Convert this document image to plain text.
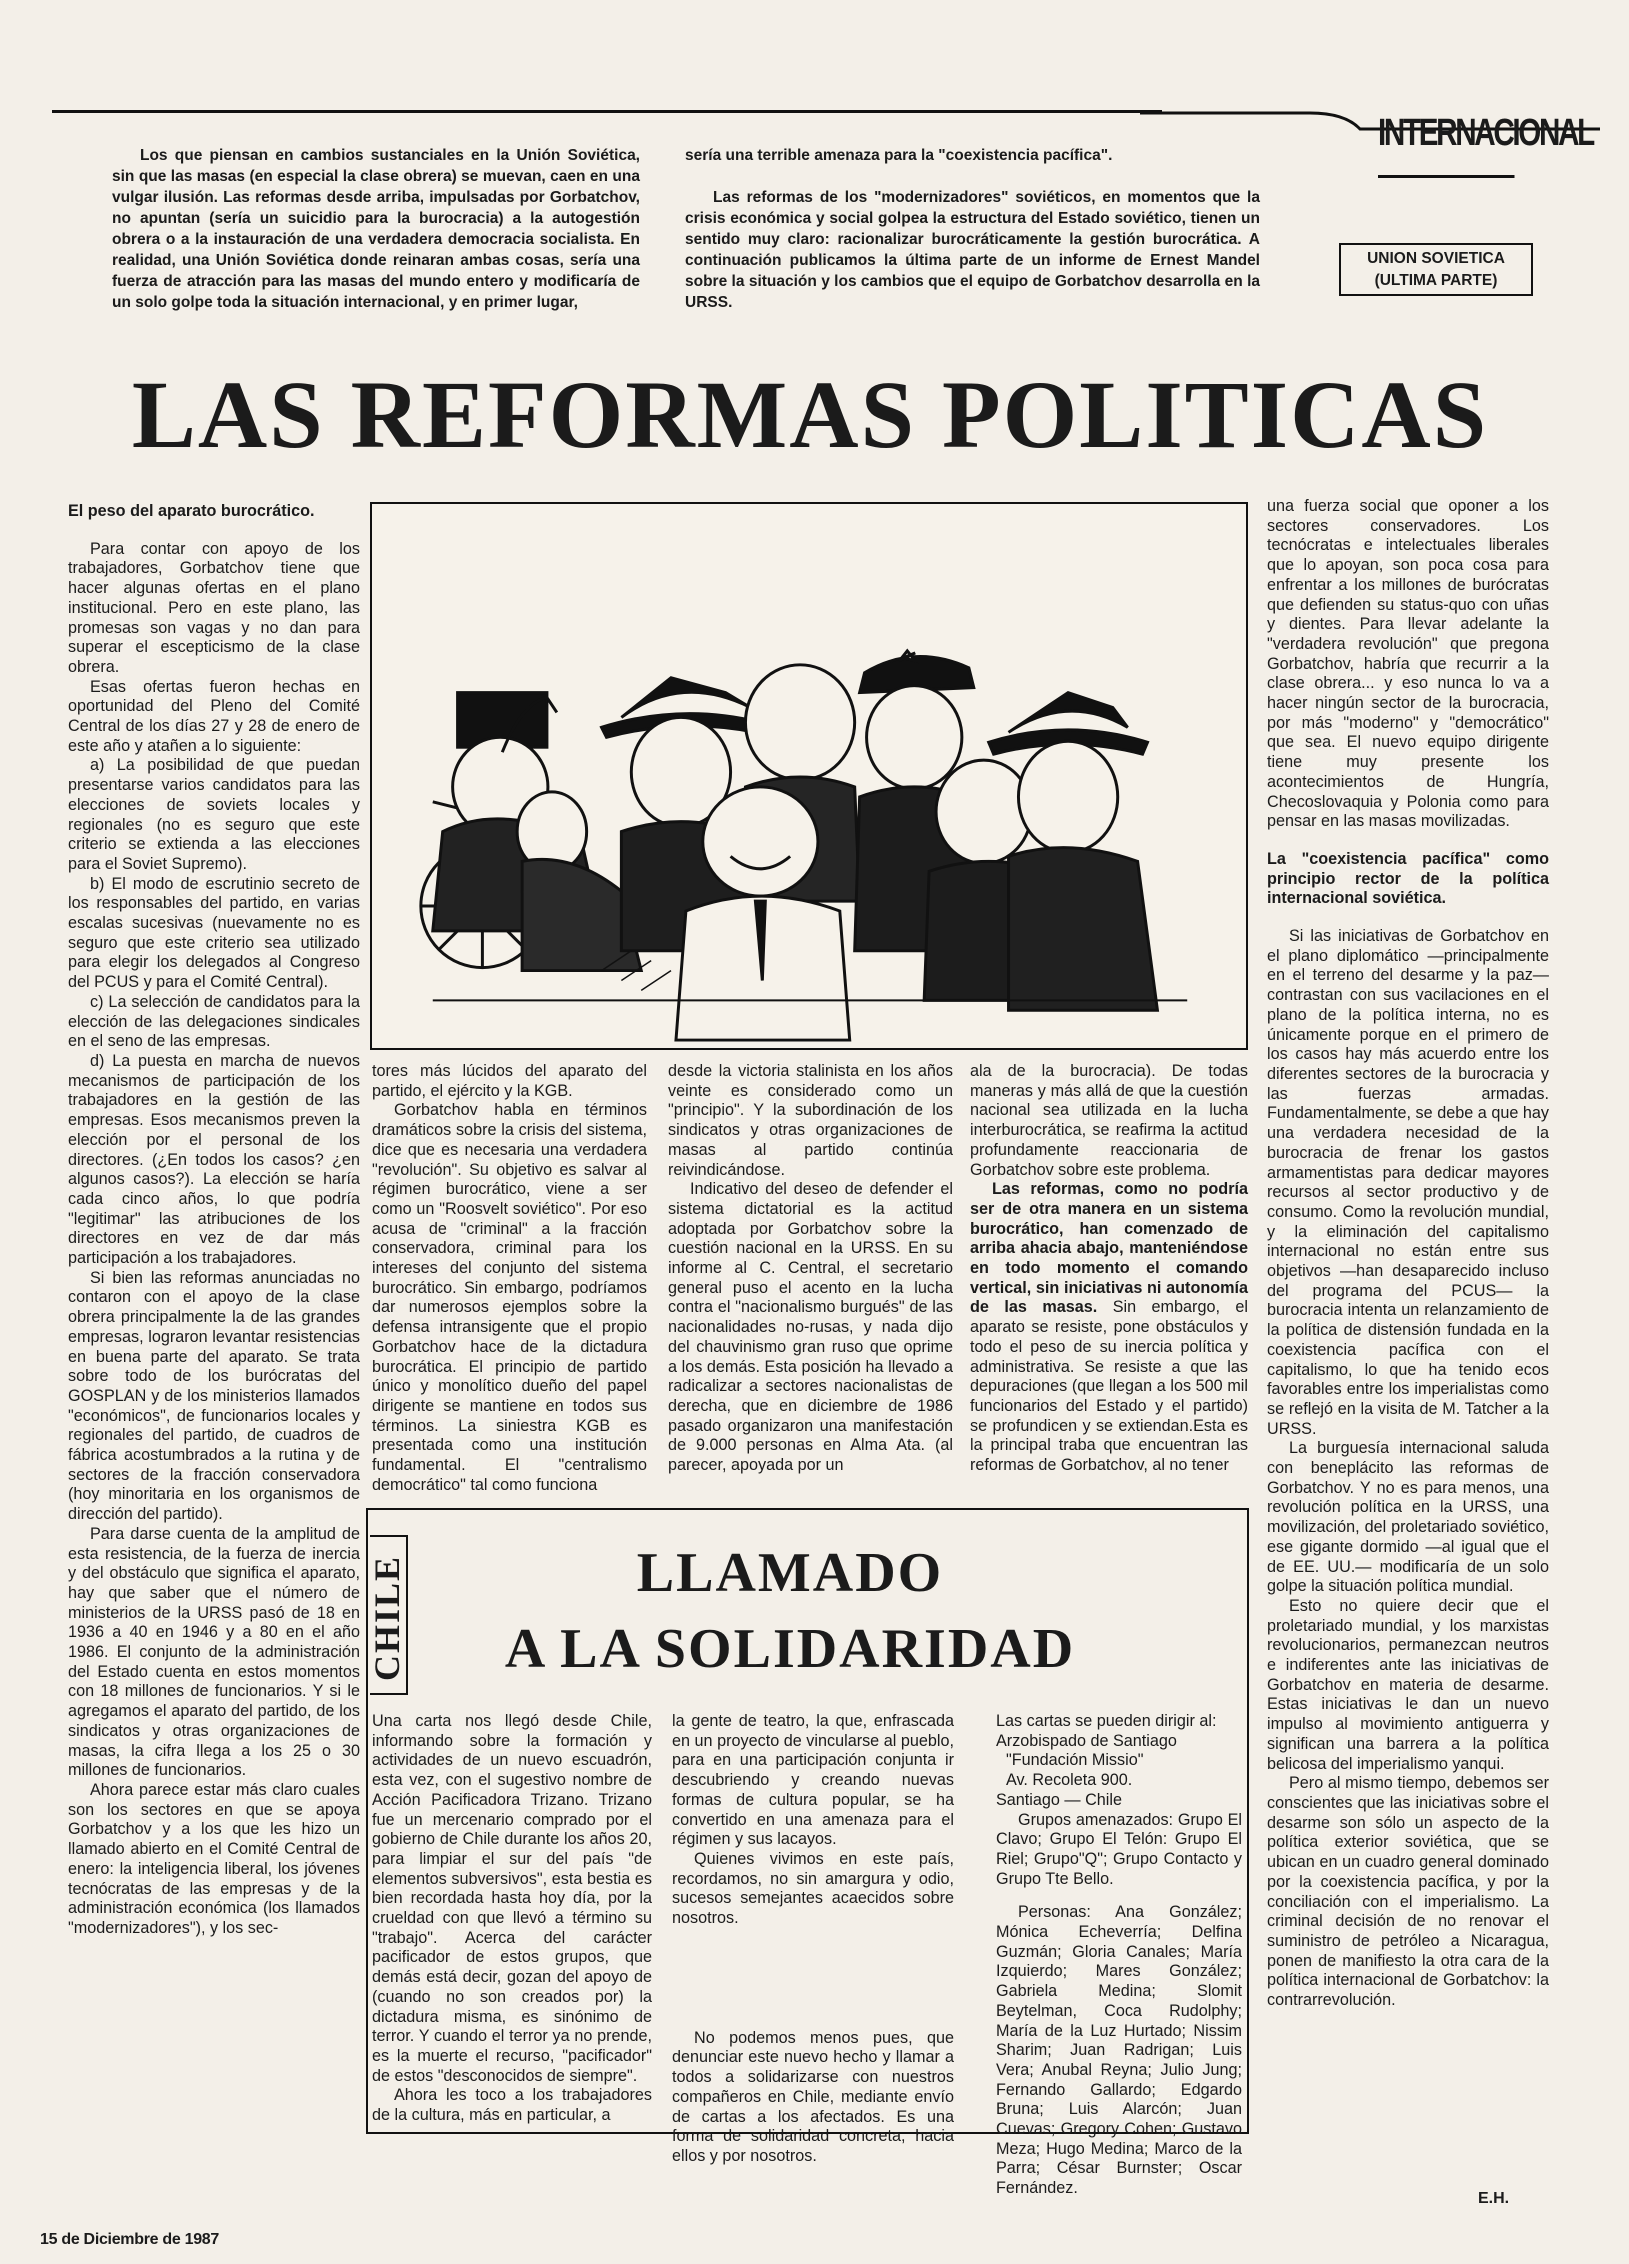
INTERNACIONAL
Los que piensan en cambios sustanciales en la Unión Soviética, sin que las masas (en especial la clase obrera) se muevan, caen en una vulgar ilusión. Las reformas desde arriba, impulsadas por Gorbatchov, no apuntan (sería un suicidio para la burocracia) a la autogestión obrera o a la instauración de una verdadera democracia socialista. En realidad, una Unión Soviética donde reinaran ambas cosas, sería una fuerza de atracción para las masas del mundo entero y modificaría de un solo golpe toda la situación internacional, y en primer lugar,

sería una terrible amenaza para la "coexistencia pacífica".

Las reformas de los "modernizadores" soviéticos, en momentos que la crisis económica y social golpea la estructura del Estado soviético, tienen un sentido muy claro: racionalizar burocráticamente la gestión burocrática. A continuación publicamos la última parte de un informe de Ernest Mandel sobre la situación y los cambios que el equipo de Gorbatchov desarrolla en la URSS.

UNION SOVIETICA
(ULTIMA PARTE)
LAS REFORMAS POLITICAS

El peso del aparato burocrático.

Para contar con apoyo de los trabajadores, Gorbatchov tiene que hacer algunas ofertas en el plano institucional. Pero en este plano, las promesas son vagas y no dan para superar el escepticismo de la clase obrera.

Esas ofertas fueron hechas en oportunidad del Pleno del Comité Central de los días 27 y 28 de enero de este año y atañen a lo siguiente:

a) La posibilidad de que puedan presentarse varios candidatos para las elecciones de soviets locales y regionales (no es seguro que este criterio se extienda a las elecciones para el Soviet Supremo).

b) El modo de escrutinio secreto de los responsables del partido, en varias escalas sucesivas (nuevamente no es seguro que este criterio sea utilizado para elegir los delegados al Congreso del PCUS y para el Comité Central).

c) La selección de candidatos para la elección de las delegaciones sindicales en el seno de las empresas.

d) La puesta en marcha de nuevos mecanismos de participación de los trabajadores en la gestión de las empresas. Esos mecanismos preven la elección por el personal de los directores. (¿En todos los casos? ¿en algunos casos?). La elección se haría cada cinco años, lo que podría "legitimar" las atribuciones de los directores en vez de dar más participación a los trabajadores.

Si bien las reformas anunciadas no contaron con el apoyo de la clase obrera principalmente la de las grandes empresas, lograron levantar resistencias en buena parte del aparato. Se trata sobre todo de los burócratas del GOSPLAN y de los ministerios llamados "económicos", de funcionarios locales y regionales del partido, de cuadros de fábrica acostumbrados a la rutina y de sectores de la fracción conservadora (hoy minoritaria en los organismos de dirección del partido).

Para darse cuenta de la amplitud de esta resistencia, de la fuerza de inercia y del obstáculo que significa el aparato, hay que saber que el número de ministerios de la URSS pasó de 18 en 1936 a 40 en 1946 y a 80 en el año 1986. El conjunto de la administración del Estado cuenta en estos momentos con 18 millones de funcionarios. Y si le agregamos el aparato del partido, de los sindicatos y otras organizaciones de masas, la cifra llega a los 25 o 30 millones de funcionarios.

Ahora parece estar más claro cuales son los sectores en que se apoya Gorbatchov y a los que les hizo un llamado abierto en el Comité Central de enero: la inteligencia liberal, los jóvenes tecnócratas de las empresas y de la administración económica (los llamados "modernizadores"), y los sec-

tores más lúcidos del aparato del partido, el ejército y la KGB.

Gorbatchov habla en términos dramáticos sobre la crisis del sistema, dice que es necesaria una verdadera "revolución". Su objetivo es salvar al régimen burocrático, viene a ser como un "Roosvelt soviético". Por eso acusa de "criminal" a la fracción conservadora, criminal para los intereses del conjunto del sistema burocrático. Sin embargo, podríamos dar numerosos ejemplos sobre la defensa intransigente que el propio Gorbatchov hace de la dictadura burocrática. El principio de partido único y monolítico dueño del papel dirigente se mantiene en todos sus términos. La siniestra KGB es presentada como una institución fundamental. El "centralismo democrático" tal como funciona

desde la victoria stalinista en los años veinte es considerado como un "principio". Y la subordinación de los sindicatos y otras organizaciones de masas al partido continúa reivindicándose.

Indicativo del deseo de defender el sistema dictatorial es la actitud adoptada por Gorbatchov sobre la cuestión nacional en la URSS. En su informe al C. Central, el secretario general puso el acento en la lucha contra el "nacionalismo burgués" de las nacionalidades no-rusas, y nada dijo del chauvinismo gran ruso que oprime a los demás. Esta posición ha llevado a radicalizar a sectores nacionalistas de derecha, que en diciembre de 1986 pasado organizaron una manifestación de 9.000 personas en Alma Ata. (al parecer, apoyada por un

ala de la burocracia). De todas maneras y más allá de que la cuestión nacional sea utilizada en la lucha interburocrática, se reafirma la actitud profundamente reaccionaria de Gorbatchov sobre este problema.

Las reformas, como no podría ser de otra manera en un sistema burocrático, han comenzado de arriba ahacia abajo, manteniéndose en todo momento el comando vertical, sin iniciativas ni autonomía de las masas. Sin embargo, el aparato se resiste, pone obstáculos y todo el peso de su inercia política y administrativa. Se resiste a que las depuraciones (que llegan a los 500 mil funcionarios del Estado y el partido) se profundicen y se extiendan.Esta es la principal traba que encuentran las reformas de Gorbatchov, al no tener

una fuerza social que oponer a los sectores conservadores. Los tecnócratas e intelectuales liberales que lo apoyan, son poca cosa para enfrentar a los millones de burócratas que defienden su status-quo con uñas y dientes. Para llevar adelante la "verdadera revolución" que pregona Gorbatchov, habría que recurrir a la clase obrera... y eso nunca lo va a hacer ningún sector de la burocracia, por más "moderno" y "democrático" que sea. El nuevo equipo dirigente tiene muy presente los acontecimientos de Hungría, Checoslovaquia y Polonia como para pensar en las masas movilizadas.

La "coexistencia pacífica" como principio rector de la política internacional soviética.

Si las iniciativas de Gorbatchov en el plano diplomático —principalmente en el terreno del desarme y la paz— contrastan con sus vacilaciones en el plano de la política interna, no es únicamente porque en el primero de los casos hay más acuerdo entre los diferentes sectores de la burocracia y las fuerzas armadas. Fundamentalmente, se debe a que hay una verdadera necesidad de la burocracia de frenar los gastos armamentistas para dedicar mayores recursos al sector productivo y de consumo. Como la revolución mundial, y la eliminación del capitalismo internacional no están entre sus objetivos —han desaparecido incluso del programa del PCUS— la burocracia intenta un relanzamiento de la política de distensión fundada en la coexistencia pacífica con el capitalismo, lo que ha tenido ecos favorables entre los imperialistas como se reflejó en la visita de M. Tatcher a la URSS.

La burguesía internacional saluda con beneplácito las reformas de Gorbatchov. Y no es para menos, una revolución política en la URSS, una movilización, del proletariado soviético, ese gigante dormido —al igual que el de EE. UU.— modificaría de un solo golpe la situación política mundial.

Esto no quiere decir que el proletariado mundial, y los marxistas revolucionarios, permanezcan neutros e indiferentes ante las iniciativas de Gorbatchov en materia de desarme. Estas iniciativas le dan un nuevo impulso al movimiento antiguerra y significan una barrera a la política belicosa del imperialismo yanqui.

Pero al mismo tiempo, debemos ser conscientes que las iniciativas sobre el desarme son sólo un aspecto de la política exterior soviética, que se ubican en un cuadro general dominado por la coexistencia pacífica, y por la conciliación con el imperialismo. La criminal decisión de no renovar el suministro de petróleo a Nicaragua, ponen de manifiesto la otra cara de la política internacional de Gorbatchov: la contrarrevolución.

E.H.
CHILE	LLAMADO
A LA SOLIDARIDAD

Una carta nos llegó desde Chile, informando sobre la formación y actividades de un nuevo escuadrón, esta vez, con el sugestivo nombre de Acción Pacificadora Trizano. Trizano fue un mercenario comprado por el gobierno de Chile durante los años 20, para limpiar el sur del país "de elementos subversivos", esta bestia es bien recordada hasta hoy día, por la crueldad con que llevó a término su "trabajo". Acerca del carácter pacificador de estos grupos, que demás está decir, gozan del apoyo de (cuando no son creados por) la dictadura misma, es sinónimo de terror. Y cuando el terror ya no prende, es la muerte el recurso, "pacificador" de estos "desconocidos de siempre".

Ahora les toco a los trabajadores de la cultura, más en particular, a

la gente de teatro, la que, enfrascada en un proyecto de vincularse al pueblo, para en una participación conjunta ir descubriendo y creando nuevas formas de cultura popular, se ha convertido en una amenaza para el régimen y sus lacayos.

Quienes vivimos en este país, recordamos, no sin amargura y odio, sucesos semejantes acaecidos sobre nosotros.

No podemos menos pues, que denunciar este nuevo hecho y llamar a todos a solidarizarse con nuestros compañeros en Chile, mediante envío de cartas a los afectados. Es una forma de solidaridad concreta, hacia ellos y por nosotros.

Las cartas se pueden dirigir al:
Arzobispado de Santiago
"Fundación Missio"
Av. Recoleta 900.
Santiago — Chile

Grupos amenazados: Grupo El Clavo; Grupo El Telón: Grupo El Riel; Grupo"Q"; Grupo Contacto y Grupo Tte Bello.

Personas: Ana González; Mónica Echeverría; Delfina Guzmán; Gloria Canales; María Izquierdo; Mares González; Gabriela Medina; Slomit Beytelman, Coca Rudolphy; María de la Luz Hurtado; Nissim Sharim; Juan Radrigan; Luis Vera; Anubal Reyna; Julio Jung; Fernando Gallardo; Edgardo Bruna; Luis Alarcón; Juan Cuevas; Gregory Cohen; Gustavo Meza; Hugo Medina; Marco de la Parra; César Burnster; Oscar Fernández.

15 de Diciembre de 1987
